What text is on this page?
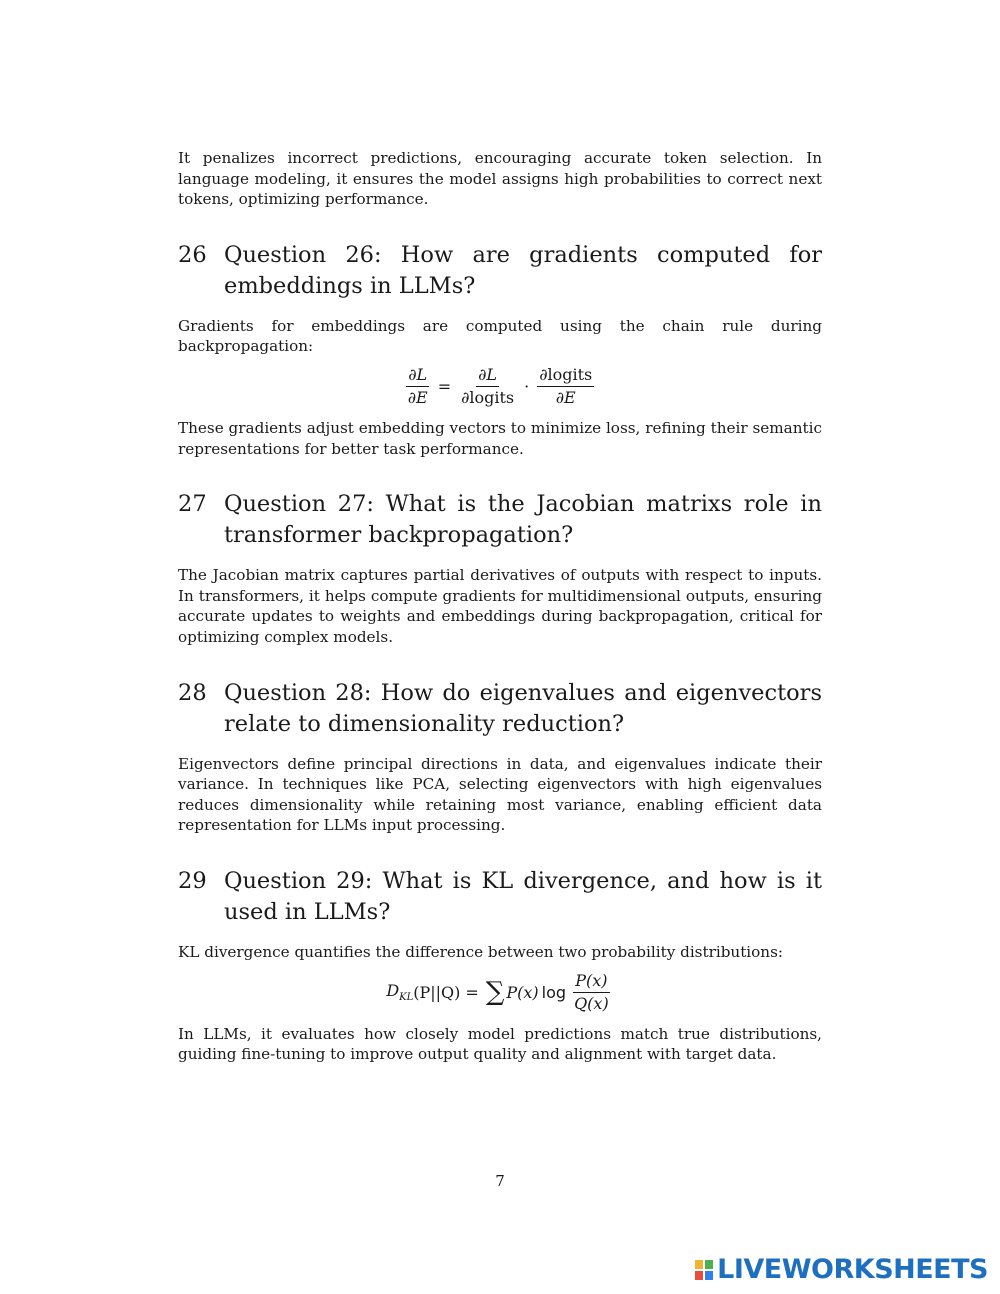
It penalizes incorrect predictions, encouraging accurate token selection. In language modeling, it ensures the model assigns high probabilities to correct next tokens, optimizing performance.

26 Question 26: How are gradients computed for embeddings in LLMs?

Gradients for embeddings are computed using the chain rule during backpropagation:

$\frac{\partial L}{\partial E} = \frac{\partial L}{\text{∂logits}} \cdot \frac{\text{∂logits}}{\partial E}$

These gradients adjust embedding vectors to minimize loss, refining their semantic representations for better task performance.

27 Question 27: What is the Jacobian matrixs role in transformer backpropagation?

The Jacobian matrix captures partial derivatives of outputs with respect to inputs. In transformers, it helps compute gradients for multidimensional outputs, ensuring accurate updates to weights and embeddings during backpropagation, critical for optimizing complex models.

28 Question 28: How do eigenvalues and eigenvectors relate to dimensionality reduction?

Eigenvectors define principal directions in data, and eigenvalues indicate their variance. In techniques like PCA, selecting eigenvectors with high eigenvalues reduces dimensionality while retaining most variance, enabling efficient data representation for LLMs input processing.

29 Question 29: What is KL divergence, and how is it used in LLMs?

KL divergence quantifies the difference between two probability distributions:

$D_{KL}$ (P||Q) = ∑ P(x) $\log \frac{P(x)}{Q(x)}$

In LLMs, it evaluates how closely model predictions match true distributions, guiding fine-tuning to improve output quality and alignment with target data.

7
LIVEWORKSHEETS
